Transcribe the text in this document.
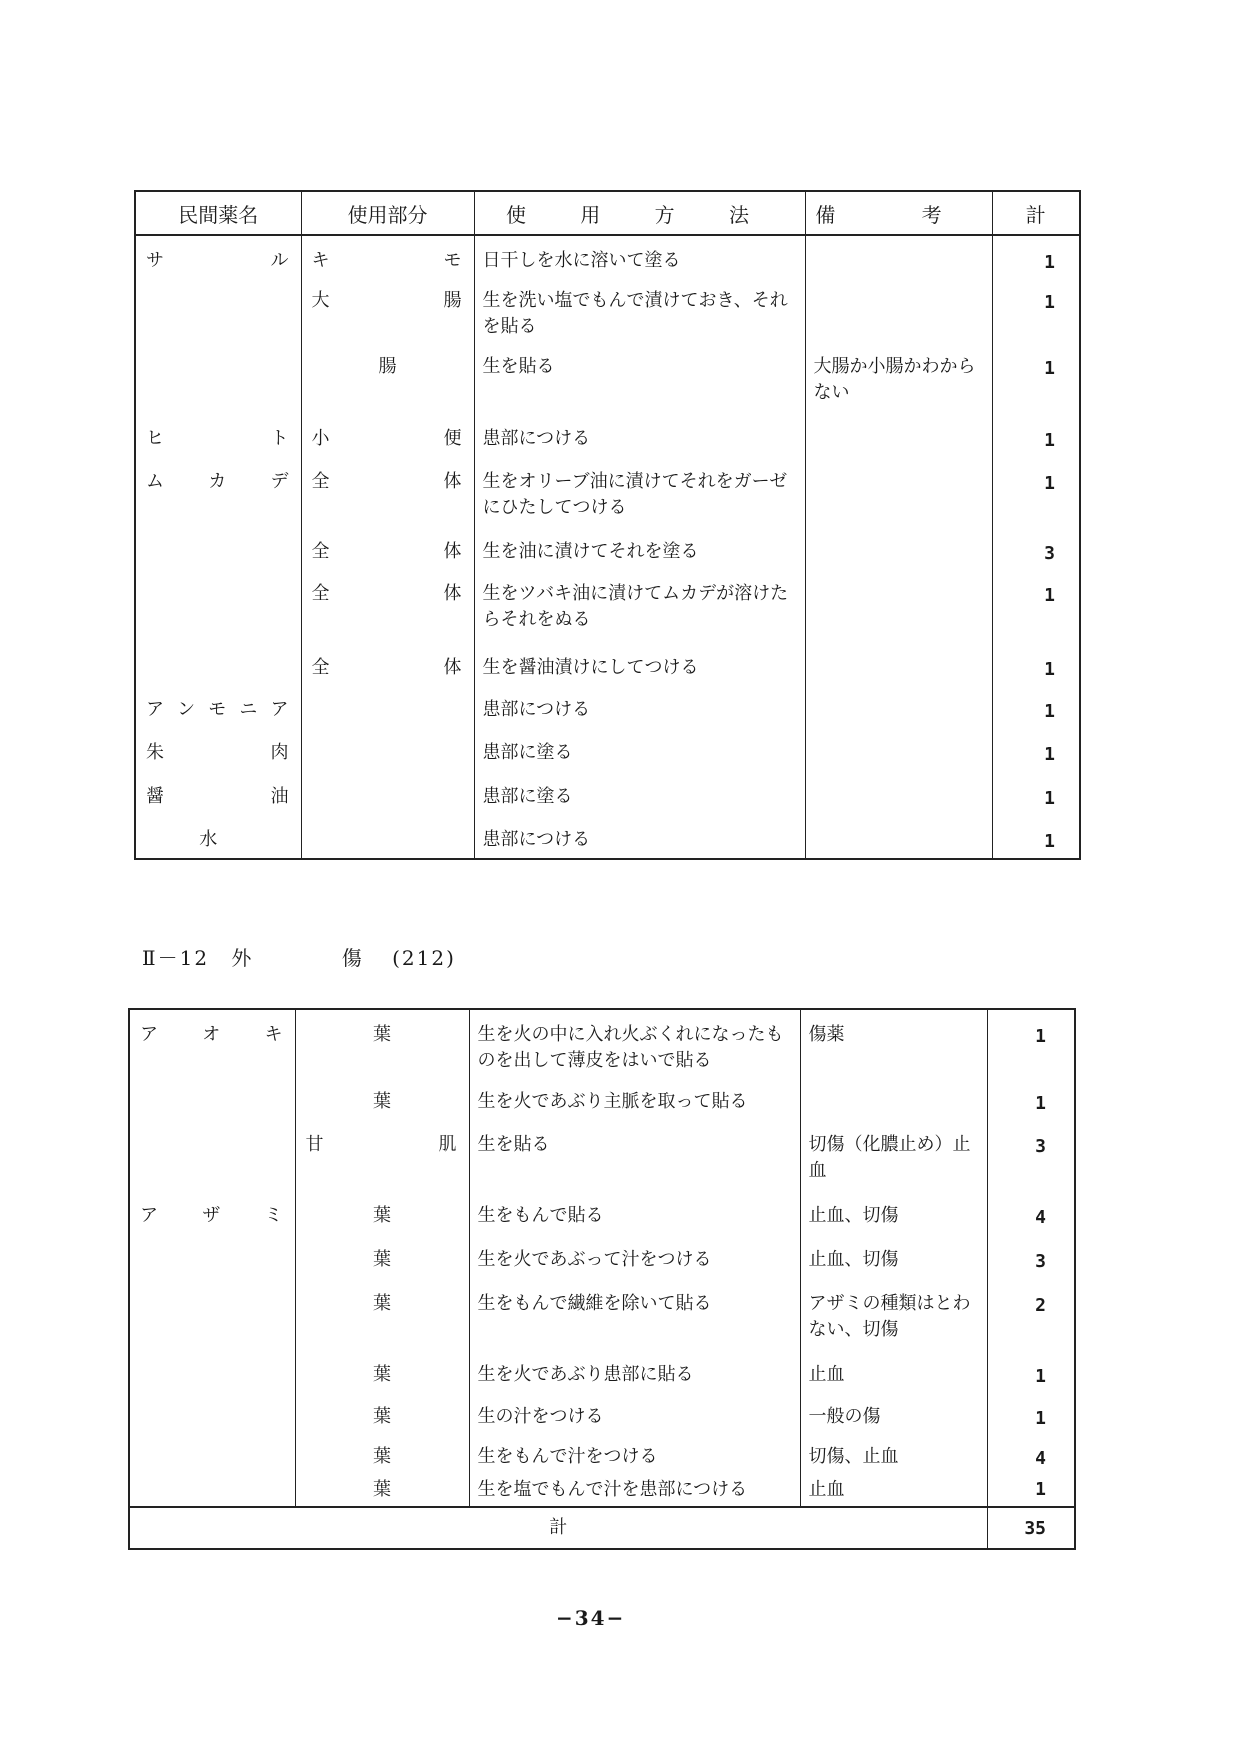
民間薬名	使用部分	使 用 方 法	備 考	計

サ ル	キ モ	日干しを水に溶いて塗る		1

	大 腸	生を洗い塩でもんで漬けておき、それを貼る		1

	腸	生を貼る	大腸か小腸かわからない	1

ヒ ト	小 便	患部につける		1

ム カ デ	全 体	生をオリーブ油に漬けてそれをガーゼにひたしてつける		1

	全 体	生を油に漬けてそれを塗る		3

	全 体	生をツバキ油に漬けてムカデが溶けたらそれをぬる		1

	全 体	生を醤油漬けにしてつける		1

ア ン モ ニ ア		患部につける		1

朱 肉		患部に塗る		1

醤 油		患部に塗る		1

水		患部につける		1
Ⅱ－12 外 傷 (212)
ア オ キ	葉	生を火の中に入れ火ぶくれになったものを出して薄皮をはいで貼る	傷薬	1

	葉	生を火であぶり主脈を取って貼る		1

	甘 肌	生を貼る	切傷（化膿止め）止血	3

ア ザ ミ	葉	生をもんで貼る	止血、切傷	4

	葉	生を火であぶって汁をつける	止血、切傷	3

	葉	生をもんで繊維を除いて貼る	アザミの種類はとわない、切傷	2

	葉	生を火であぶり患部に貼る	止血	1

	葉	生の汁をつける	一般の傷	1

	葉	生をもんで汁をつける	切傷、止血	4

	葉	生を塩でもんで汁を患部につける	止血	1

計				35
−34−
